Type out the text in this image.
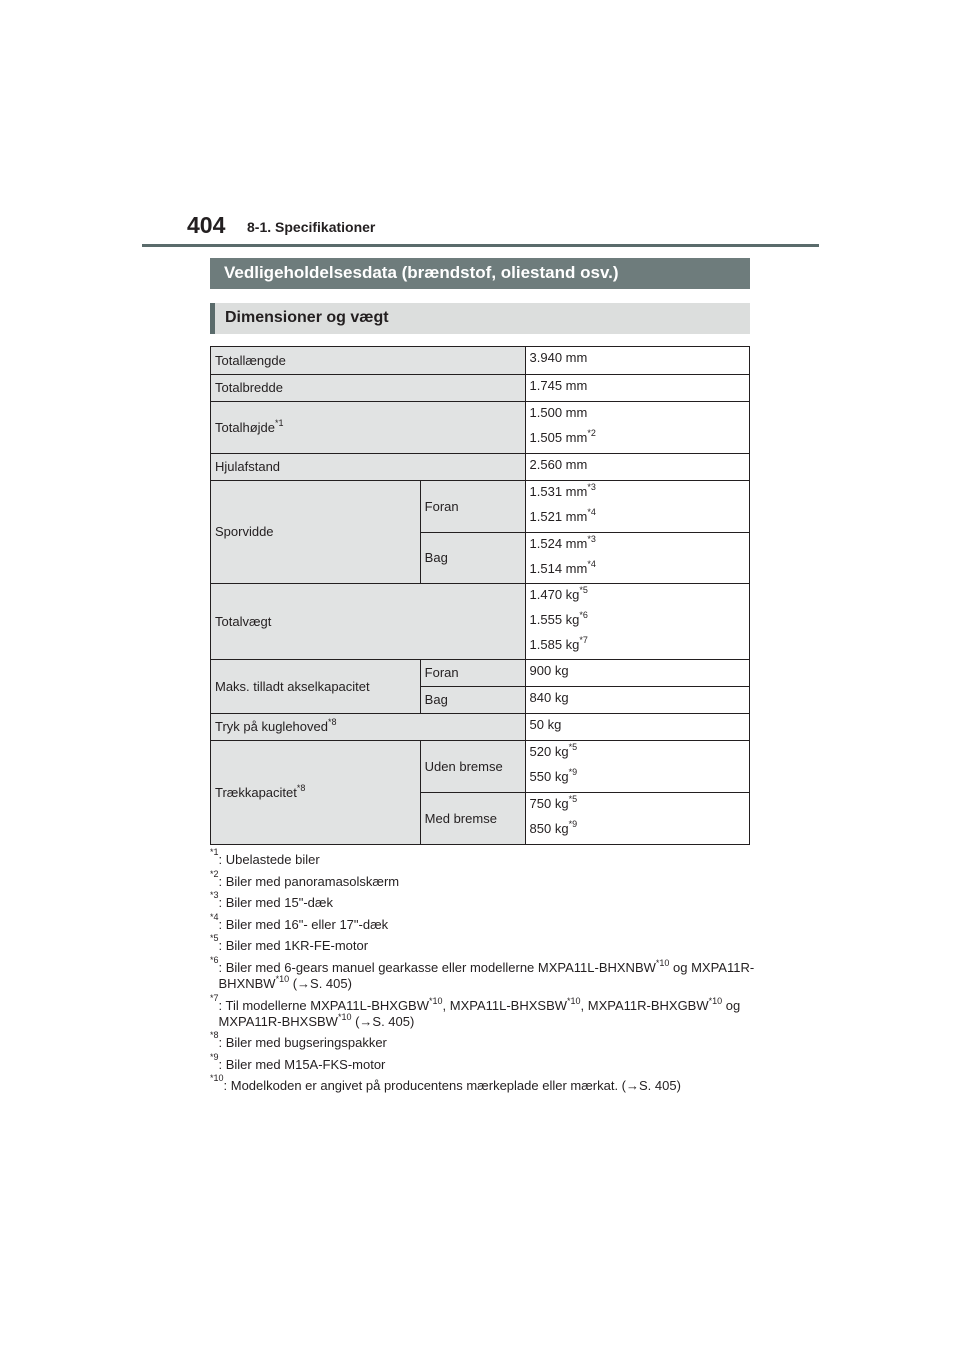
404 8-1. Specifikationer
Vedligeholdelsesdata (brændstof, oliestand osv.)
Dimensioner og vægt
Totallængde		3.940 mm

Totalbredde		1.745 mm

Totalhøjde$^{*1}$		1.500 mm
1.505 $mm^{*2}$

Hjulafstand		2.560 mm

Sporvidde	Foran	1.531 $mm^{*3}$
1.521 $mm^{*4}$

	Bag	1.524 $mm^{*3}$
1.514 $mm^{*4}$

Totalvægt		1.470 $kg^{*5}$
1.555 $kg^{*6}$
1.585 $kg^{*7}$

Maks. tilladt akselkapacitet	Foran	900 kg

	Bag	840 kg

Tryk på kuglehoved$^{*8}$		50 kg

Trækkapacitet$^{*8}$	Uden bremse	520 $kg^{*5}$
550 $kg^{*9}$

	Med bremse	750 $kg^{*5}$
850 $kg^{*9}$
*1 : Ubelastede biler
*2 : Biler med panoramasolskærm
*3 : Biler med 15"-dæk
*4 : Biler med 16"- eller 17"-dæk
*5 : Biler med 1KR-FE-motor
*6 : Biler med 6-gears manuel gearkasse eller modellerne MXPA11L-BHXNBW$^{*10}$ og MXPA11R-BHXNBW$^{*10}$ (→S. 405)
*7 : Til modellerne MXPA11L-BHXGBW$^{*10}$, MXPA11L-BHXSBW$^{*10}$, MXPA11R-BHXGBW$^{*10}$ og MXPA11R-BHXSBW$^{*10}$ (→S. 405)
*8 : Biler med bugseringspakker
*9 : Biler med M15A-FKS-motor
*10 : Modelkoden er angivet på producentens mærkeplade eller mærkat. (→S. 405)
